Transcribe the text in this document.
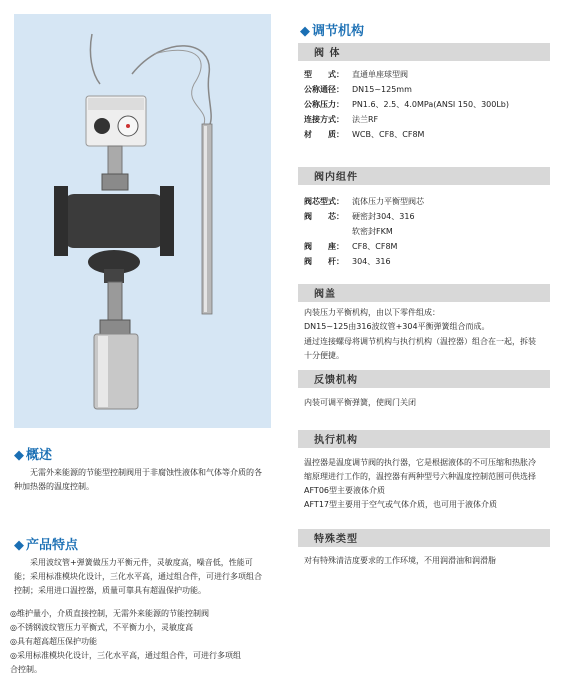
◆ 概述
无需外来能源的节能型控制阀用于非腐蚀性液体和气体等介质的各种加热器的温度控制。
◆ 产品特点
采用波纹管+弹簧做压力平衡元件，灵敏度高，噪音低，性能可能；采用标准模块化设计，三化水平高，通过组合件，可进行多项组合控制；采用进口温控器，质量可靠具有超温保护功能。
◎维护量小，介质直接控制，无需外来能源的节能控制阀
◎不锈钢波纹管压力平衡式，不平衡力小，灵敏度高
◎具有超高超压保护功能
◎采用标准模块化设计，三化水平高，通过组合件，可进行多项组
合控制。
◆ 调节机构
阀 体
型　　式： 直通单座球型阀
公称通径： DN15~125mm
公称压力： PN1.6、2.5、4.0MPa(ANSI 150、300Lb)
连接方式： 法兰RF
材　　质： WCB、CF8、CF8M
阀内组件
阀芯型式： 流体压力平衡型阀芯
阀　　芯： 硬密封304、316
软密封FKM
阀　　座： CF8、CF8M
阀　　杆： 304、316
阀盖
内装压力平衡机构，由以下零件组成：
DN15~125由316波纹管+304平衡弹簧组合而成。
通过连接螺母将调节机构与执行机构（温控器）组合在一起，拆装
十分便捷。
反馈机构
内装可调平衡弹簧，使阀门关闭
执行机构
温控器是温度调节阀的执行器，它是根据液体的不可压缩和热胀冷
缩原理进行工作的，温控器有两种型号六种温度控制范围可供选择
AFT06型主要液体介质
AFT17型主要用于空气或气体介质，也可用于液体介质
特殊类型
对有特殊清洁度要求的工作环境，不用润滑油和润滑脂
